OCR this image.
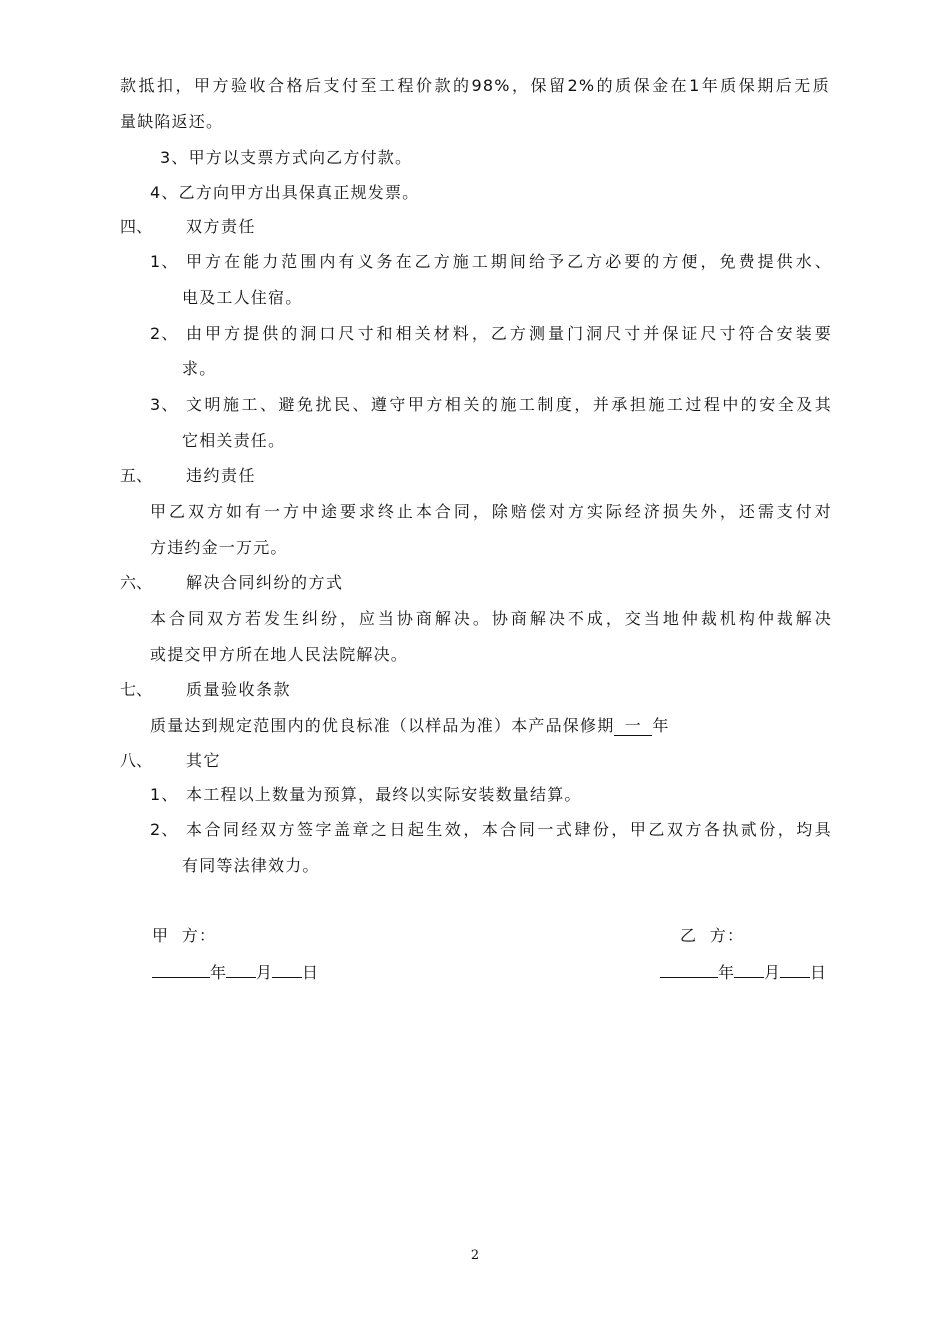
款抵扣，甲方验收合格后支付至工程价款的98%，保留2%的质保金在1年质保期后无质
量缺陷返还。
3、甲方以支票方式向乙方付款。
4、乙方向甲方出具保真正规发票。
四、 双方责任
1、 甲方在能力范围内有义务在乙方施工期间给予乙方必要的方便，免费提供水、
电及工人住宿。
2、 由甲方提供的洞口尺寸和相关材料，乙方测量门洞尺寸并保证尺寸符合安装要
求。
3、 文明施工、避免扰民、遵守甲方相关的施工制度，并承担施工过程中的安全及其
它相关责任。
五、 违约责任
甲乙双方如有一方中途要求终止本合同，除赔偿对方实际经济损失外，还需支付对
方违约金一万元。
六、 解决合同纠纷的方式
本合同双方若发生纠纷，应当协商解决。协商解决不成，交当地仲裁机构仲裁解决
或提交甲方所在地人民法院解决。
七、 质量验收条款
质量达到规定范围内的优良标准（以样品为准）本产品保修期 一 年
八、 其它
1、 本工程以上数量为预算，最终以实际安装数量结算。
2、 本合同经双方签字盖章之日起生效，本合同一式肆份，甲乙双方各执贰份，均具
有同等法律效力。
甲  方：	乙  方：
年 月 日	年 月 日
2
